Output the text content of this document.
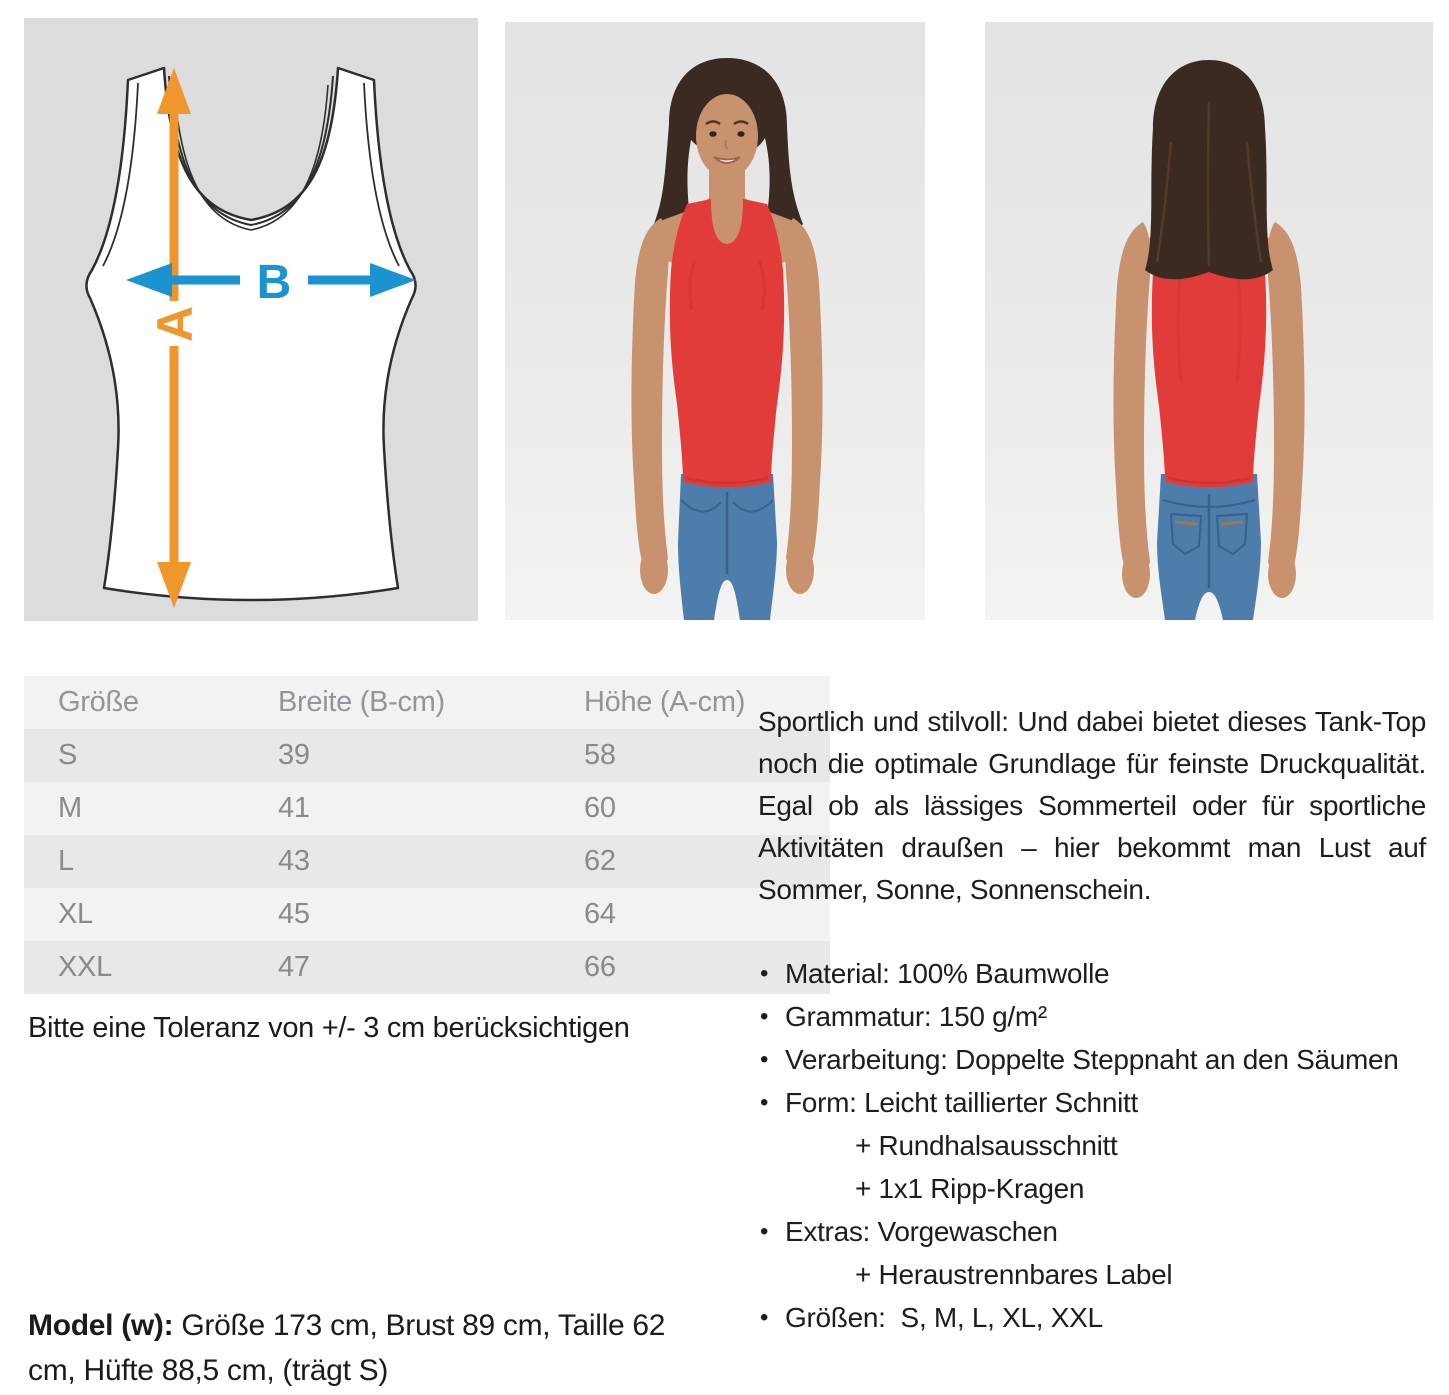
A
B
Größe	Breite (B-cm)	Höhe (A-cm)
S	39	58
M	41	60
L	43	62
XL	45	64
XXL	47	66
Bitte eine Toleranz von +/- 3 cm berücksichtigen
Model (w): Größe 173 cm, Brust 89 cm, Taille 62 cm, Hüfte 88,5 cm, (trägt S)

Sportlich und stilvoll: Und dabei bietet dieses Tank-Top noch die optimale Grundlage für feinste Druckqualität. Egal ob als lässiges Sommerteil oder für sportliche Aktivitäten draußen – hier bekommt man Lust auf Sommer, Sonne, Sonnenschein.

• Material: 100% Baumwolle
• Grammatur: 150 g/m²
• Verarbeitung: Doppelte Steppnaht an den Säumen
• Form: Leicht taillierter Schnitt
+ Rundhalsausschnitt
+ 1x1 Ripp-Kragen
• Extras: Vorgewaschen
+ Heraustrennbares Label
• Größen:  S, M, L, XL, XXL
